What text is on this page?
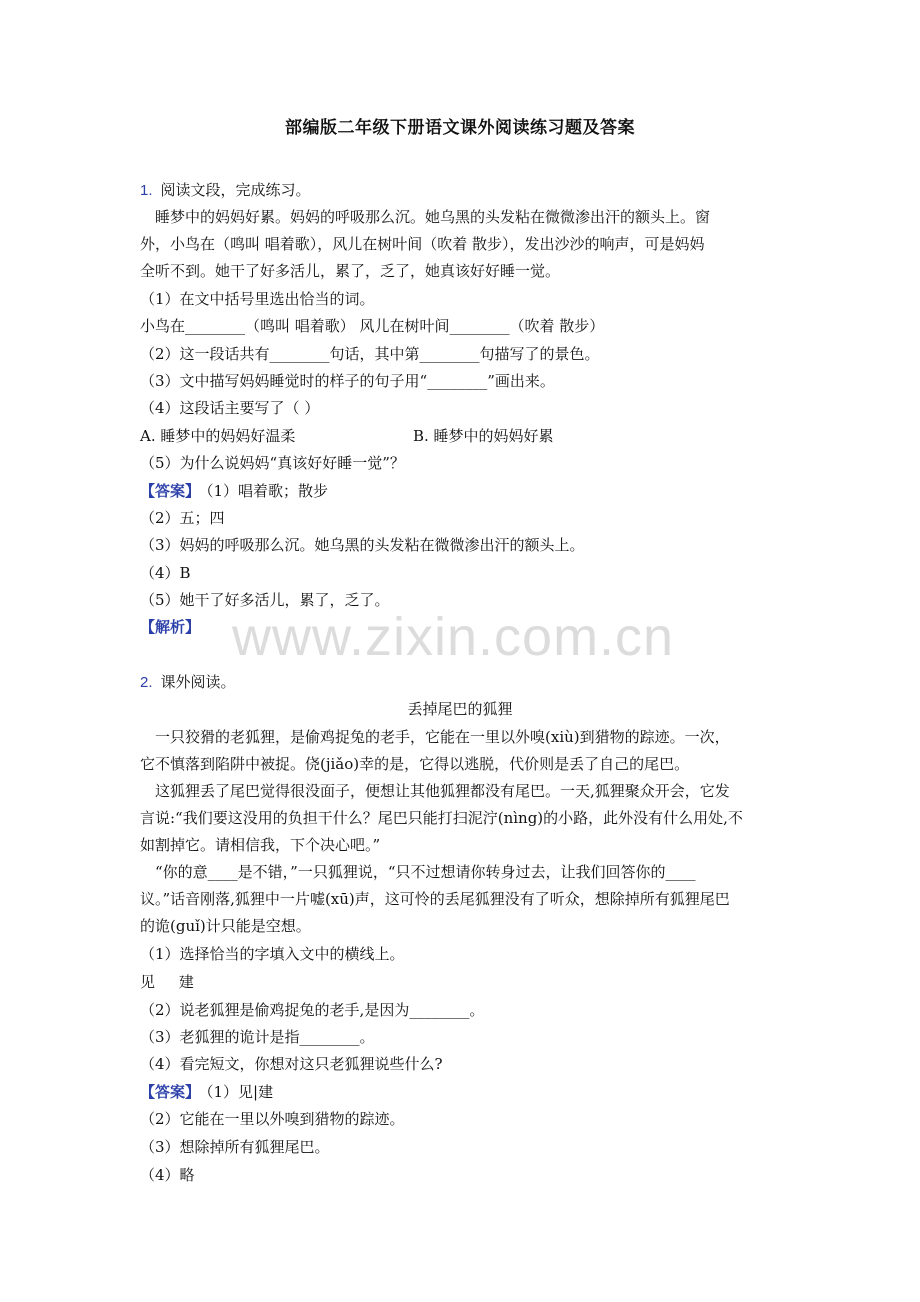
部编版二年级下册语文课外阅读练习题及答案
1. 阅读文段，完成练习。
睡梦中的妈妈好累。妈妈的呼吸那么沉。她乌黑的头发粘在微微渗出汗的额头上。窗
外，小鸟在（鸣叫 唱着歌），风儿在树叶间（吹着 散步），发出沙沙的响声，可是妈妈
全听不到。她干了好多活儿，累了，乏了，她真该好好睡一觉。
（1）在文中括号里选出恰当的词。
小鸟在________（鸣叫 唱着歌） 风儿在树叶间________（吹着 散步）
（2）这一段话共有________句话，其中第________句描写了的景色。
（3）文中描写妈妈睡觉时的样子的句子用“________”画出来。
（4）这段话主要写了（ ）
A. 睡梦中的妈妈好温柔	B. 睡梦中的妈妈好累
（5）为什么说妈妈“真该好好睡一觉”？
【答案】 （1）唱着歌；散步
（2）五；四
（3）妈妈的呼吸那么沉。她乌黑的头发粘在微微渗出汗的额头上。
（4）B
（5）她干了好多活儿，累了，乏了。
【解析】 www.zixin.com.cn
2. 课外阅读。
丢掉尾巴的狐狸
一只狡猾的老狐狸，是偷鸡捉兔的老手，它能在一里以外嗅(xiù)到猎物的踪迹。一次，
它不慎落到陷阱中被捉。侥(jiǎo)幸的是，它得以逃脱，代价则是丢了自己的尾巴。
这狐狸丢了尾巴觉得很没面子，便想让其他狐狸都没有尾巴。一天,狐狸聚众开会，它发
言说:“我们要这没用的负担干什么？尾巴只能打扫泥泞(nìng)的小路，此外没有什么用处,不
如割掉它。请相信我，下个决心吧。”
“你的意____是不错，”一只狐狸说，“只不过想请你转身过去，让我们回答你的____
议。”话音刚落,狐狸中一片嘘(xū)声，这可怜的丢尾狐狸没有了听众，想除掉所有狐狸尾巴
的诡(guǐ)计只能是空想。
（1）选择恰当的字填入文中的横线上。
见     建
（2）说老狐狸是偷鸡捉兔的老手,是因为________。
（3）老狐狸的诡计是指________。
（4）看完短文，你想对这只老狐狸说些什么?
【答案】 （1）见|建
（2）它能在一里以外嗅到猎物的踪迹。
（3）想除掉所有狐狸尾巴。
（4）略
